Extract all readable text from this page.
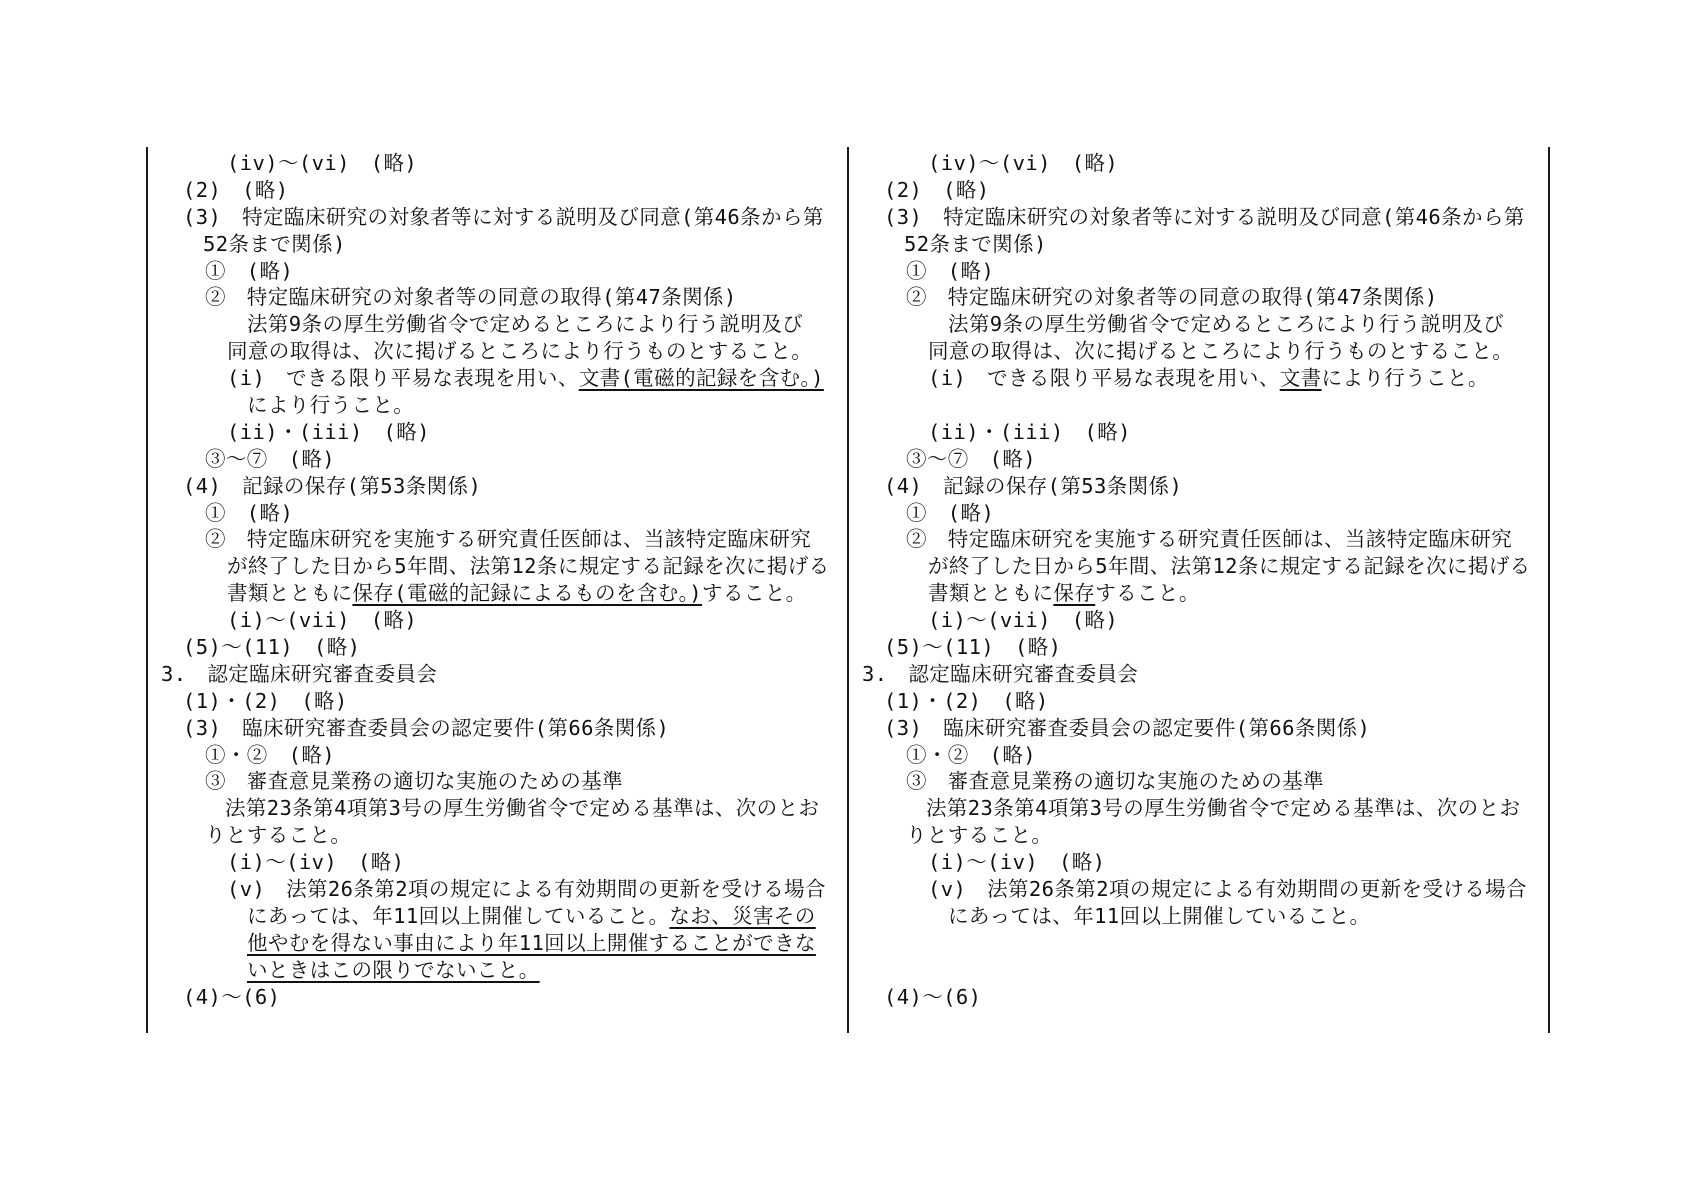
(iv)～(vi)　(略)
(2)　(略)
(3)　特定臨床研究の対象者等に対する説明及び同意(第46条から第
52条まで関係)
①　(略)
②　特定臨床研究の対象者等の同意の取得(第47条関係)
法第9条の厚生労働省令で定めるところにより行う説明及び
同意の取得は、次に掲げるところにより行うものとすること。
(i)　できる限り平易な表現を用い、文書(電磁的記録を含む。)
により行うこと。
(ii)・(iii)　(略)
③～⑦　(略)
(4)　記録の保存(第53条関係)
①　(略)
②　特定臨床研究を実施する研究責任医師は、当該特定臨床研究
が終了した日から5年間、法第12条に規定する記録を次に掲げる
書類とともに保存(電磁的記録によるものを含む。)すること。
(i)～(vii)　(略)
(5)～(11)　(略)
3.　認定臨床研究審査委員会
(1)・(2)　(略)
(3)　臨床研究審査委員会の認定要件(第66条関係)
①・②　(略)
③　審査意見業務の適切な実施のための基準
法第23条第4項第3号の厚生労働省令で定める基準は、次のとお
りとすること。
(i)～(iv)　(略)
(v)　法第26条第2項の規定による有効期間の更新を受ける場合
にあっては、年11回以上開催していること。なお、災害その
他やむを得ない事由により年11回以上開催することができな
いときはこの限りでないこと。
(4)～(6)
(iv)～(vi)　(略)
(2)　(略)
(3)　特定臨床研究の対象者等に対する説明及び同意(第46条から第
52条まで関係)
①　(略)
②　特定臨床研究の対象者等の同意の取得(第47条関係)
法第9条の厚生労働省令で定めるところにより行う説明及び
同意の取得は、次に掲げるところにより行うものとすること。
(i)　できる限り平易な表現を用い、文書により行うこと。
(ii)・(iii)　(略)
③～⑦　(略)
(4)　記録の保存(第53条関係)
①　(略)
②　特定臨床研究を実施する研究責任医師は、当該特定臨床研究
が終了した日から5年間、法第12条に規定する記録を次に掲げる
書類とともに保存すること。
(i)～(vii)　(略)
(5)～(11)　(略)
3.　認定臨床研究審査委員会
(1)・(2)　(略)
(3)　臨床研究審査委員会の認定要件(第66条関係)
①・②　(略)
③　審査意見業務の適切な実施のための基準
法第23条第4項第3号の厚生労働省令で定める基準は、次のとお
りとすること。
(i)～(iv)　(略)
(v)　法第26条第2項の規定による有効期間の更新を受ける場合
にあっては、年11回以上開催していること。
(4)～(6)
